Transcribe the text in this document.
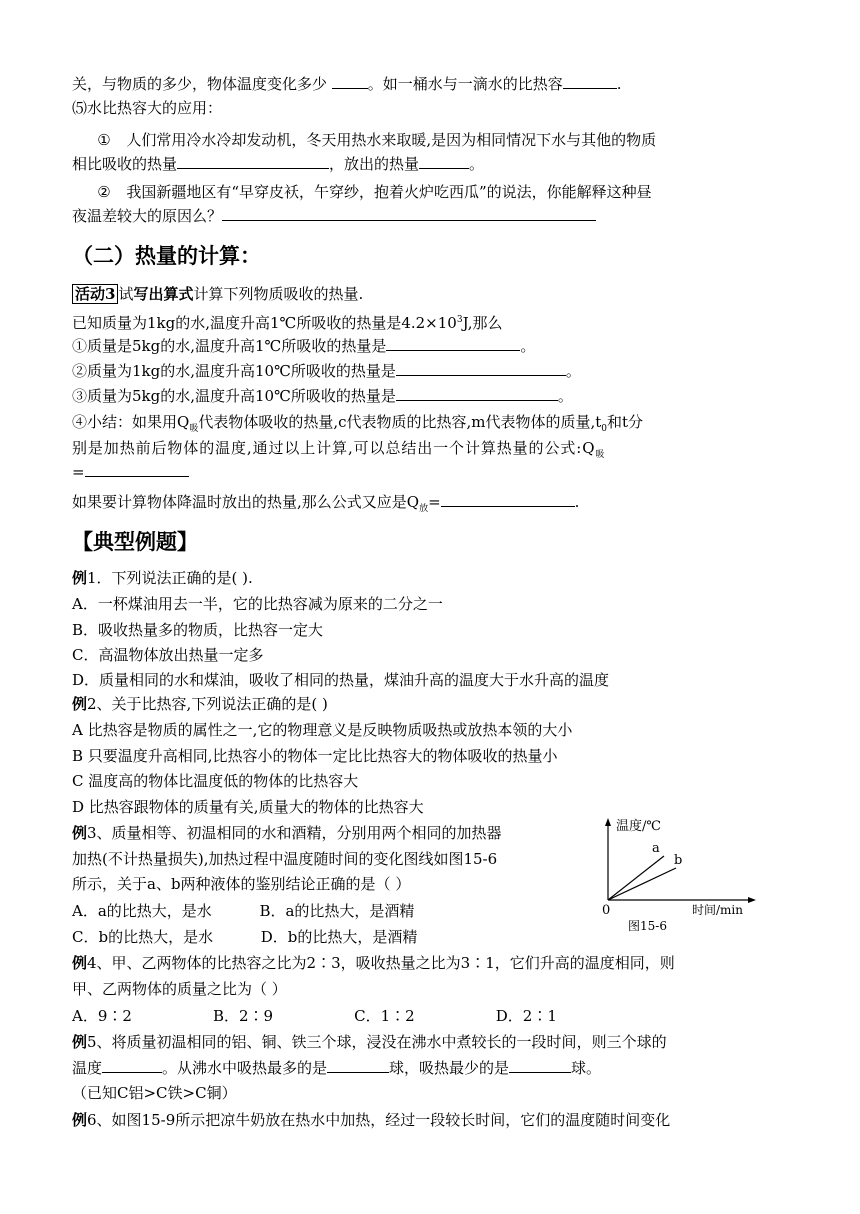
关，与物质的多少，物体温度变化多少 。如一桶水与一滴水的比热容	.
⑸水比热容大的应用：
① 人们常用冷水冷却发动机，冬天用热水来取暖,是因为相同情况下水与其他的物质
相比吸收的热量	，放出的热量	。
② 我国新疆地区有“早穿皮袄，午穿纱，抱着火炉吃西瓜”的说法，你能解释这种昼
夜温差较大的原因么？
（二）热量的计算：
活动3 试写出算式计算下列物质吸收的热量.
已知质量为1kg的水,温度升高1℃所吸收的热量是$4.2\times 10^3J$,那么
①质量是5kg的水,温度升高1℃所吸收的热量是	。
②质量为1kg的水,温度升高10℃所吸收的热量是	。
③质量为5kg的水,温度升高10℃所吸收的热量是	。
④小结：如果用$Q_吸$代表物体吸收的热量,c代表物质的比热容,m代表物体的质量$,t_0$和t分
别是加热前后物体的温度,通过以上计算,可以总结出一个计算热量的公式$:Q_吸$
=
如果要计算物体降温时放出的热量,那么公式又应是$Q_放=$	.
【典型例题】
例1．下列说法正确的是( ).
A．一杯煤油用去一半，它的比热容减为原来的二分之一
B．吸收热量多的物质，比热容一定大
C．高温物体放出热量一定多
D．质量相同的水和煤油，吸收了相同的热量，煤油升高的温度大于水升高的温度
例2、关于比热容,下列说法正确的是( )
A 比热容是物质的属性之一,它的物理意义是反映物质吸热或放热本领的大小
B 只要温度升高相同,比热容小的物体一定比比热容大的物体吸收的热量小
C 温度高的物体比温度低的物体的比热容大
D 比热容跟物体的质量有关,质量大的物体的比热容大
例3、质量相等、初温相同的水和酒精，分别用两个相同的加热器
加热(不计热量损失),加热过程中温度随时间的变化图线如图15-6
所示，关于a、b两种液体的鉴别结论正确的是（ ）
A．a的比热大，是水          B．a的比热大，是酒精
C．b的比热大，是水          D．b的比热大，是酒精
温度/℃
a
b
0	时间/min
图15-6
例4、甲、乙两物体的比热容之比为2∶3，吸收热量之比为3∶1，它们升高的温度相同，则
甲、乙两物体的质量之比为（ ）
A．9∶2                 B．2∶9                 C．1∶2                 D．2∶1
例5、将质量初温相同的铝、铜、铁三个球，浸没在沸水中煮较长的一段时间，则三个球的
温度	。从沸水中吸热最多的是	球，吸热最少的是	球。
（已知C铝>C铁>C铜）
例6、如图15-9所示把凉牛奶放在热水中加热，经过一段较长时间，它们的温度随时间变化
